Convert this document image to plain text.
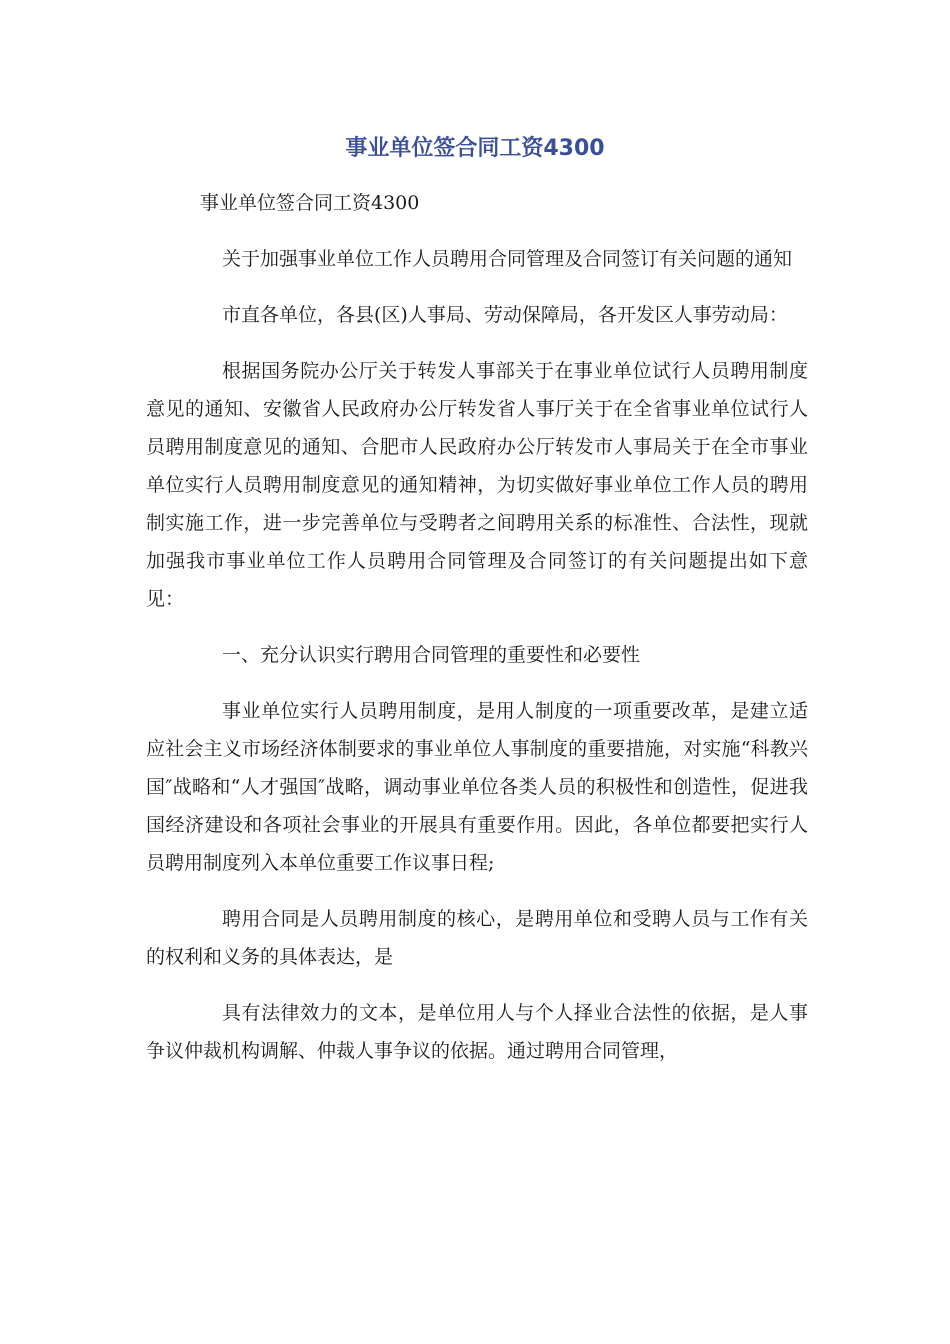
事业单位签合同工资4300

事业单位签合同工资4300

关于加强事业单位工作人员聘用合同管理及合同签订有关问题的通知

市直各单位，各县(区)人事局、劳动保障局，各开发区人事劳动局：

根据国务院办公厅关于转发人事部关于在事业单位试行人员聘用制度意见的通知、安徽省人民政府办公厅转发省人事厅关于在全省事业单位试行人员聘用制度意见的通知、合肥市人民政府办公厅转发市人事局关于在全市事业单位实行人员聘用制度意见的通知精神，为切实做好事业单位工作人员的聘用制实施工作，进一步完善单位与受聘者之间聘用关系的标准性、合法性，现就加强我市事业单位工作人员聘用合同管理及合同签订的有关问题提出如下意见：

一、充分认识实行聘用合同管理的重要性和必要性

事业单位实行人员聘用制度，是用人制度的一项重要改革，是建立适应社会主义市场经济体制要求的事业单位人事制度的重要措施，对实施“科教兴国″战略和“人才强国″战略，调动事业单位各类人员的积极性和创造性，促进我国经济建设和各项社会事业的开展具有重要作用。因此，各单位都要把实行人员聘用制度列入本单位重要工作议事日程;

聘用合同是人员聘用制度的核心，是聘用单位和受聘人员与工作有关的权利和义务的具体表达，是

具有法律效力的文本，是单位用人与个人择业合法性的依据，是人事争议仲裁机构调解、仲裁人事争议的依据。通过聘用合同管理，
